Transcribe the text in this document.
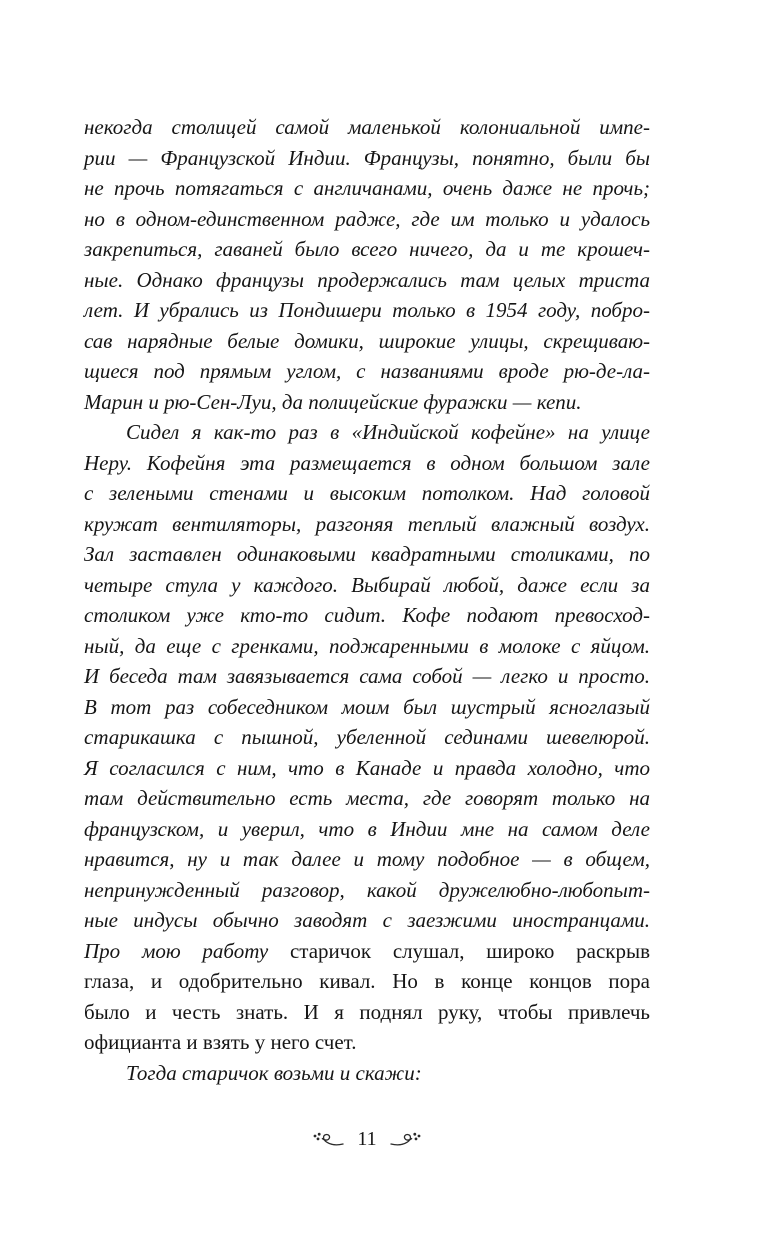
некогда столицей самой маленькой колониальной импе-
рии — Французской Индии. Французы, понятно, были бы
не прочь потягаться с англичанами, очень даже не прочь;
но в одном-единственном радже, где им только и удалось
закрепиться, гаваней было всего ничего, да и те крошеч-
ные. Однако французы продержались там целых триста
лет. И убрались из Пондишери только в 1954 году, побро-
сав нарядные белые домики, широкие улицы, скрещиваю-
щиеся под прямым углом, с названиями вроде рю-де-ла-
Марин и рю-Сен-Луи, да полицейские фуражки — кепи.
Сидел я как-то раз в «Индийской кофейне» на улице
Неру. Кофейня эта размещается в одном большом зале
с зелеными стенами и высоким потолком. Над головой
кружат вентиляторы, разгоняя теплый влажный воздух.
Зал заставлен одинаковыми квадратными столиками, по
четыре стула у каждого. Выбирай любой, даже если за
столиком уже кто-то сидит. Кофе подают превосход-
ный, да еще с гренками, поджаренными в молоке с яйцом.
И беседа там завязывается сама собой — легко и просто.
В тот раз собеседником моим был шустрый ясноглазый
старикашка с пышной, убеленной сединами шевелюрой.
Я согласился с ним, что в Канаде и правда холодно, что
там действительно есть места, где говорят только на
французском, и уверил, что в Индии мне на самом деле
нравится, ну и так далее и тому подобное — в общем,
непринужденный разговор, какой дружелюбно-любопыт-
ные индусы обычно заводят с заезжими иностранцами.
Про мою работу старичок слушал, широко раскрыв
глаза, и одобрительно кивал. Но в конце концов пора
было и честь знать. И я поднял руку, чтобы привлечь
официанта и взять у него счет.
Тогда старичок возьми и скажи:
11
